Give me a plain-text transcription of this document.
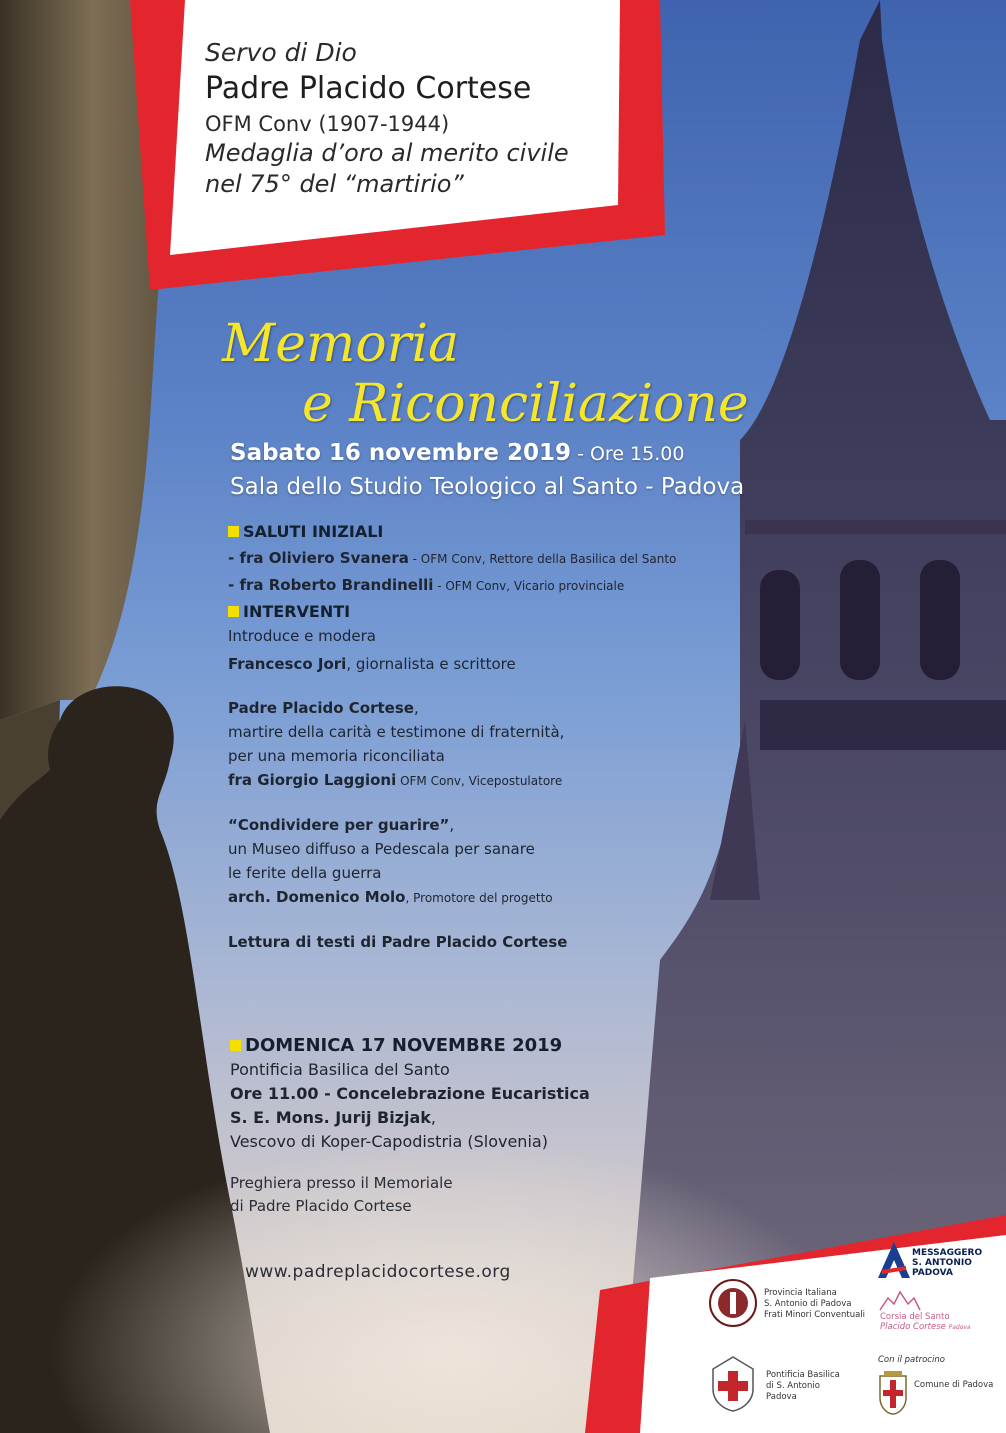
Servo di Dio
Padre Placido Cortese
OFM Conv (1907-1944)
Medaglia d’oro al merito civile
nel 75° del “martirio”
Memoria
e Riconciliazione
Sabato 16 novembre 2019 - Ore 15.00
Sala dello Studio Teologico al Santo - Padova

SALUTI INIZIALI

- fra Oliviero Svanera - OFM Conv, Rettore della Basilica del Santo
- fra Roberto Brandinelli - OFM Conv, Vicario provinciale

INTERVENTI

Introduce e modera

Francesco Jori, giornalista e scrittore

Padre Placido Cortese,

martire della carità e testimone di fraternità,

per una memoria riconciliata

fra Giorgio Laggioni OFM Conv, Vicepostulatore

“Condividere per guarire”,

un Museo diffuso a Pedescala per sanare

le ferite della guerra

arch. Domenico Molo, Promotore del progetto

Lettura di testi di Padre Placido Cortese

DOMENICA 17 NOVEMBRE 2019

Pontificia Basilica del Santo

Ore 11.00 - Concelebrazione Eucaristica

S. E. Mons. Jurij Bizjak,

Vescovo di Koper-Capodistria (Slovenia)

Preghiera presso il Memoriale
di Padre Placido Cortese
www.padreplacidocortese.org
Provincia Italiana
S. Antonio di Padova
Frati Minori Conventuali
Pontificia Basilica
di S. Antonio
Padova
MESSAGGERO
S. ANTONIO
PADOVA
Corsia del Santo
Placido Cortese Padova
Con il patrocino
Comune di Padova
